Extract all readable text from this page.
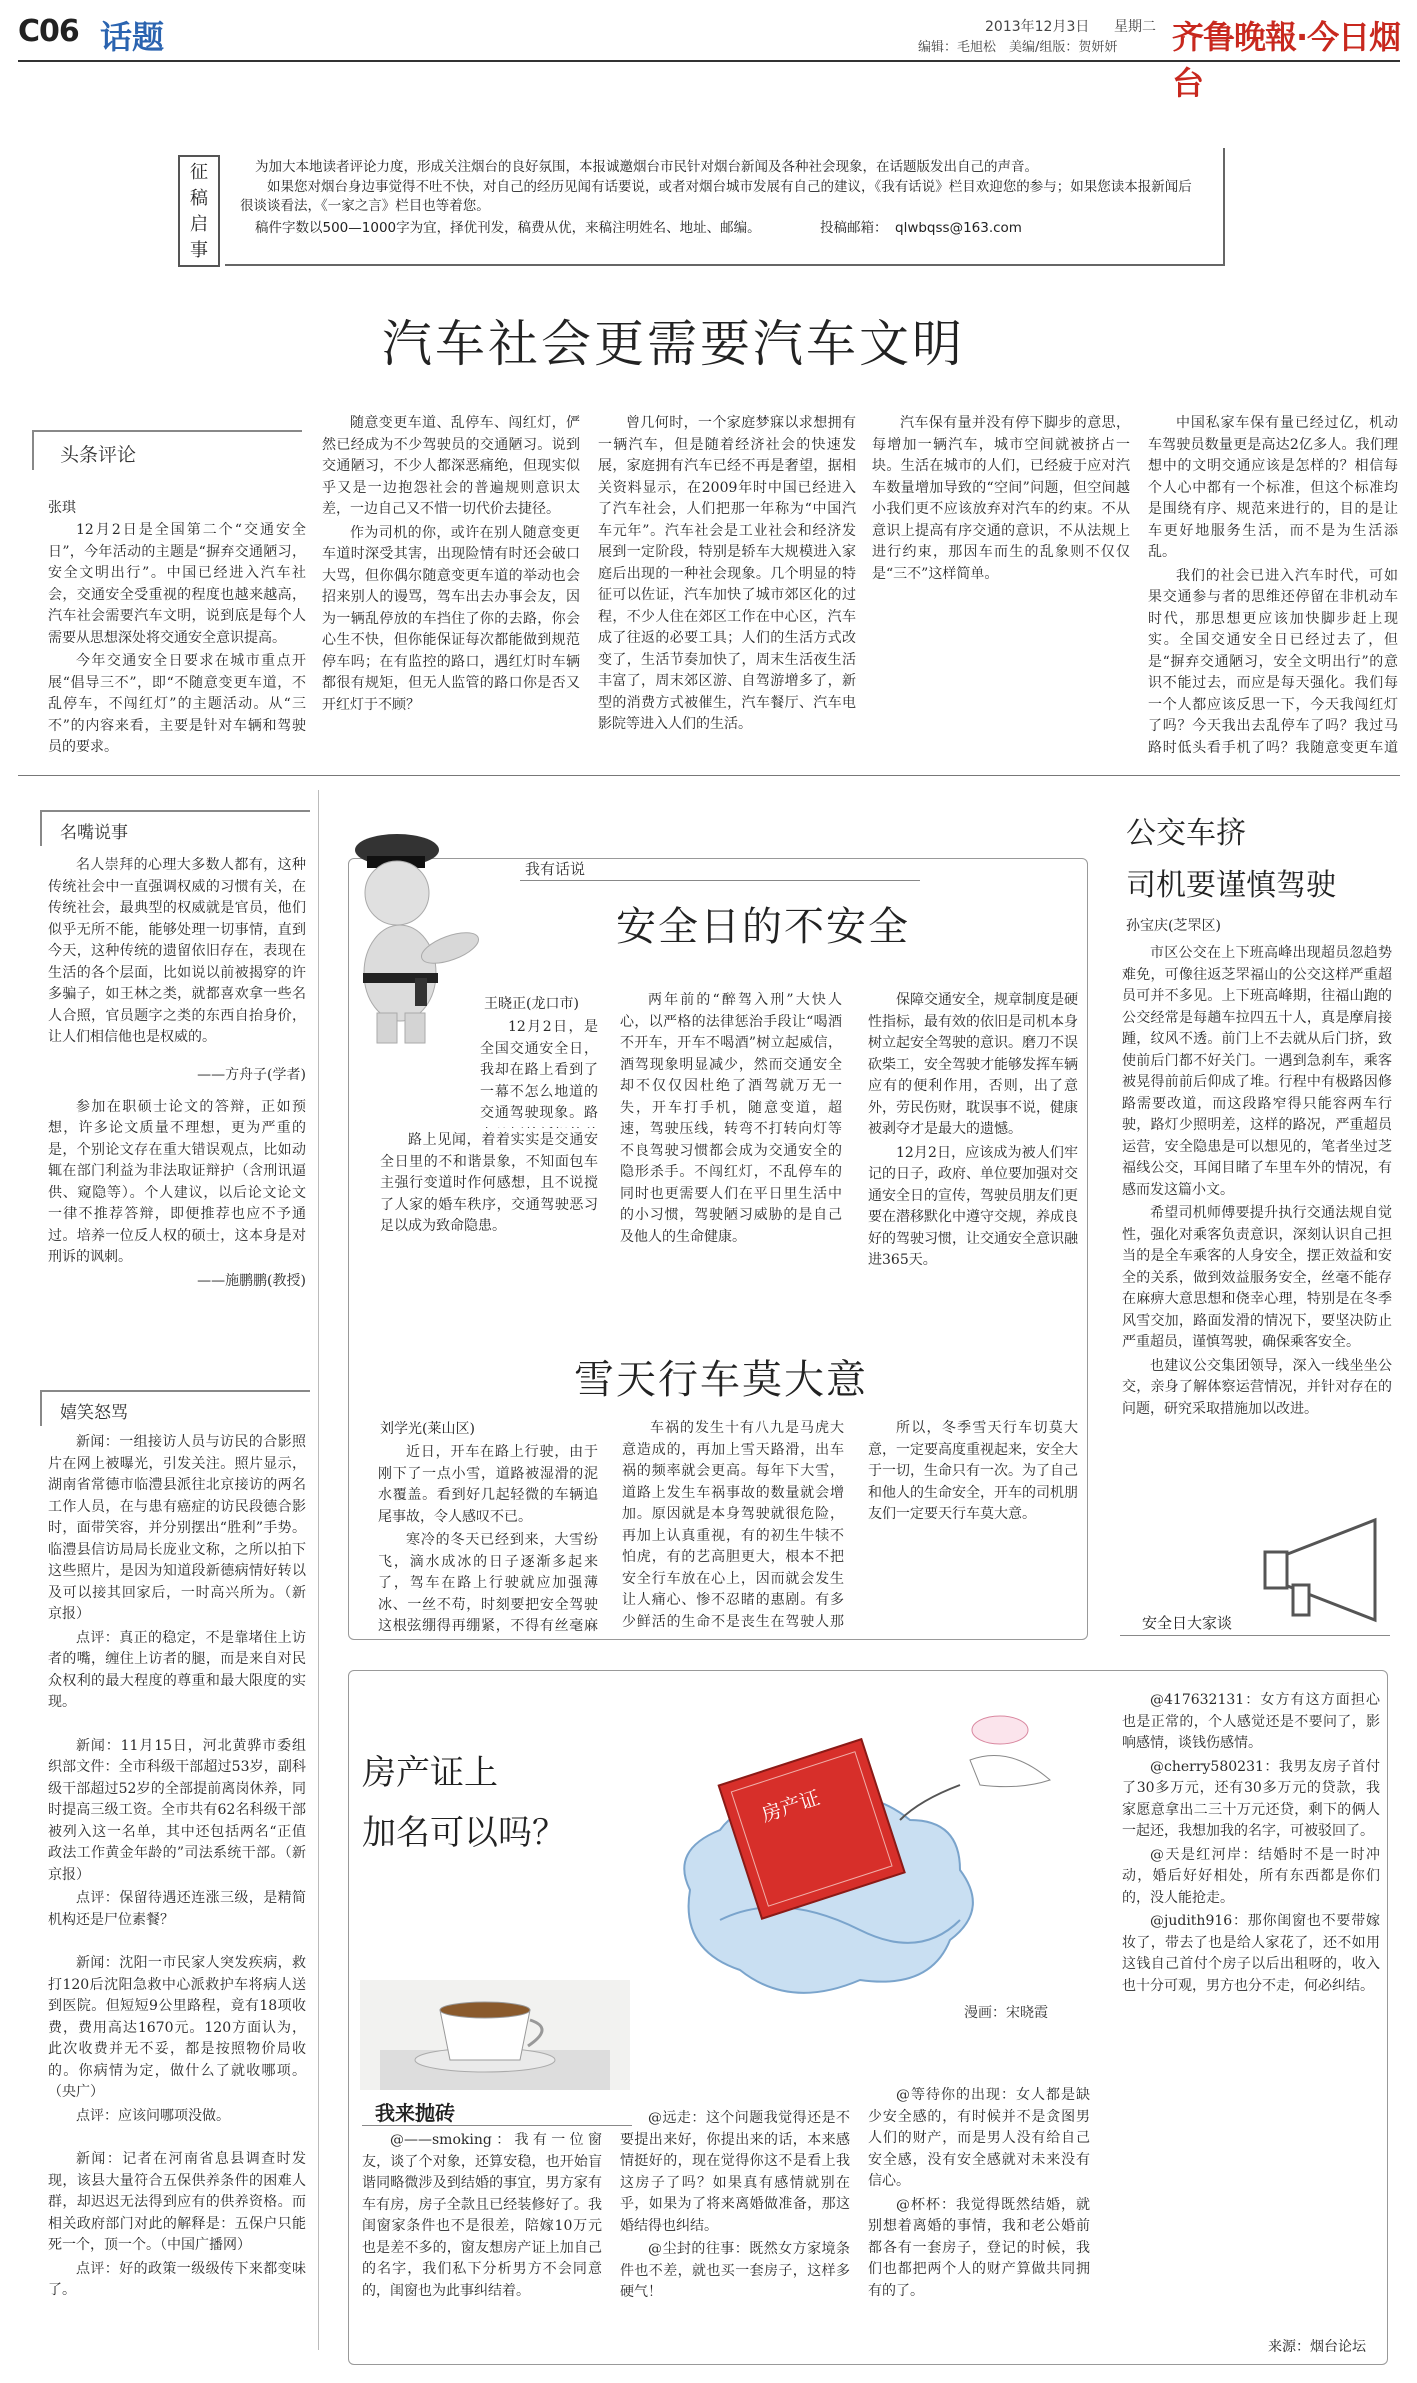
C06 话题	2013年12月3日 星期二
编辑：毛旭松　美编/组版：贺妍妍 齐鲁晚報·今日烟台
征稿启事
为加大本地读者评论力度，形成关注烟台的良好氛围，本报诚邀烟台市民针对烟台新闻及各种社会现象，在话题版发出自己的声音。
如果您对烟台身边事觉得不吐不快，对自己的经历见闻有话要说，或者对烟台城市发展有自己的建议，《我有话说》栏目欢迎您的参与；如果您读本报新闻后很谈谈看法，《一家之言》栏目也等着您。
稿件字数以500—1000字为宜，择优刊发，稿费从优，来稿注明姓名、地址、邮编。	投稿邮箱： qlwbqss@163.com
汽车社会更需要汽车文明
头条评论
张琪

12月2日是全国第二个“交通安全日”，今年活动的主题是“摒弃交通陋习，安全文明出行”。中国已经进入汽车社会，交通安全受重视的程度也越来越高，汽车社会需要汽车文明，说到底是每个人需要从思想深处将交通安全意识提高。

今年交通安全日要求在城市重点开展“倡导三不”，即“不随意变更车道，不乱停车，不闯红灯”的主题活动。从“三不”的内容来看，主要是针对车辆和驾驶员的要求。

随意变更车道、乱停车、闯红灯，俨然已经成为不少驾驶员的交通陋习。说到交通陋习，不少人都深恶痛绝，但现实似乎又是一边抱怨社会的普遍规则意识太差，一边自己又不惜一切代价去捷径。

作为司机的你，或许在别人随意变更车道时深受其害，出现险情有时还会破口大骂，但你偶尔随意变更车道的举动也会招来别人的谩骂，驾车出去办事会友，因为一辆乱停放的车挡住了你的去路，你会心生不快，但你能保证每次都能做到规范停车吗；在有监控的路口，遇红灯时车辆都很有规矩，但无人监管的路口你是否又开红灯于不顾？

曾几何时，一个家庭梦寐以求想拥有一辆汽车，但是随着经济社会的快速发展，家庭拥有汽车已经不再是奢望，据相关资料显示，在2009年时中国已经进入了汽车社会，人们把那一年称为“中国汽车元年”。汽车社会是工业社会和经济发展到一定阶段，特别是轿车大规模进入家庭后出现的一种社会现象。几个明显的特征可以佐证，汽车加快了城市郊区化的过程，不少人住在郊区工作在中心区，汽车成了往返的必要工具；人们的生活方式改变了，生活节奏加快了，周末生活夜生活丰富了，周末郊区游、自驾游增多了，新型的消费方式被催生，汽车餐厅、汽车电影院等进入人们的生活。

汽车保有量并没有停下脚步的意思，每增加一辆汽车，城市空间就被挤占一块。生活在城市的人们，已经疲于应对汽车数量增加导致的“空间”问题，但空间越小我们更不应该放弃对汽车的约束。不从意识上提高有序交通的意识，不从法规上进行约束，那因车而生的乱象则不仅仅是“三不”这样简单。

中国私家车保有量已经过亿，机动车驾驶员数量更是高达2亿多人。我们理想中的文明交通应该是怎样的？相信每个人心中都有一个标准，但这个标准均是围绕有序、规范来进行的，目的是让车更好地服务生活，而不是为生活添乱。

我们的社会已进入汽车时代，可如果交通参与者的思维还停留在非机动车时代，那思想更应该加快脚步赶上现实。全国交通安全日已经过去了，但是“摒弃交通陋习，安全文明出行”的意识不能过去，而应是每天强化。我们每一个人都应该反思一下，今天我闯红灯了吗？今天我出去乱停车了吗？我过马路时低头看手机了吗？我随意变更车道

名嘴说事

名人崇拜的心理大多数人都有，这种传统社会中一直强调权威的习惯有关，在传统社会，最典型的权威就是官员，他们似乎无所不能，能够处理一切事情，直到今天，这种传统的遗留依旧存在，表现在生活的各个层面，比如说以前被揭穿的许多骗子，如王林之类，就都喜欢拿一些名人合照，官员题字之类的东西自抬身价，让人们相信他也是权威的。

——方舟子(学者)

参加在职硕士论文的答辩，正如预想，许多论文质量不理想，更为严重的是，个别论文存在重大错误观点，比如动辄在部门利益为非法取证辩护（含刑讯逼供、窥隐等）。个人建议，以后论文论文一律不推荐答辩，即便推荐也应不予通过。培养一位反人权的硕士，这本身是对刑诉的讽刺。

——施鹏鹏(教授)

嬉笑怒骂

新闻：一组接访人员与访民的合影照片在网上被曝光，引发关注。照片显示，湖南省常德市临澧县派往北京接访的两名工作人员，在与患有癌症的访民段德合影时，面带笑容，并分别摆出“胜利”手势。临澧县信访局局长庞业文称，之所以拍下这些照片，是因为知道段新德病情好转以及可以接其回家后，一时高兴所为。（新京报）

点评：真正的稳定，不是靠堵住上访者的嘴，缠住上访者的腿，而是来自对民众权利的最大程度的尊重和最大限度的实现。

新闻：11月15日，河北黄骅市委组织部文件：全市科级干部超过53岁，副科级干部超过52岁的全部提前离岗休养，同时提高三级工资。全市共有62名科级干部被列入这一名单，其中还包括两名“正值政法工作黄金年龄的”司法系统干部。（新京报）

点评：保留待遇还连涨三级，是精简机构还是尸位素餐？

新闻：沈阳一市民家人突发疾病，救打120后沈阳急救中心派救护车将病人送到医院。但短短9公里路程，竟有18项收费，费用高达1670元。120方面认为，此次收费并无不妥，都是按照物价局收的。你病情为定，做什么了就收哪项。（央广）

点评：应该问哪项没做。

新闻：记者在河南省息县调查时发现，该县大量符合五保供养条件的困难人群，却迟迟无法得到应有的供养资格。而相关政府部门对此的解释是：五保户只能死一个，顶一个。（中国广播网）

点评：好的政策一级级传下来都变味了。

我有话说
安全日的不安全
王晓正(龙口市)

12月2日，是全国交通安全日，我却在路上看到了一幕不怎么地道的交通驾驶现象。路

路上见闻，着着实实是交通安全日里的不和谐景象，不知面包车主强行变道时作何感想，且不说搅了人家的婚车秩序，交通驾驶恶习足以成为致命隐患。

两年前的“醉驾入刑”大快人心，以严格的法律惩治手段让“喝酒不开车，开车不喝酒”树立起威信，酒驾现象明显减少，然而交通安全却不仅仅因杜绝了酒驾就万无一失，开车打手机，随意变道，超速，驾驶压线，转弯不打转向灯等不良驾驶习惯都会成为交通安全的隐形杀手。不闯红灯，不乱停车的同时也更需要人们在平日里生活中的小习惯，驾驶陋习威胁的是自己及他人的生命健康。

保障交通安全，规章制度是硬性指标，最有效的依旧是司机本身树立起安全驾驶的意识。磨刀不误砍柴工，安全驾驶才能够发挥车辆应有的便利作用，否则，出了意外，劳民伤财，耽误事不说，健康被剥夺才是最大的遗憾。

12月2日，应该成为被人们牢记的日子，政府、单位要加强对交通安全日的宣传，驾驶员朋友们更要在潜移默化中遵守交规，养成良好的驾驶习惯，让交通安全意识融进365天。

雪天行车莫大意
刘学光(莱山区)

近日，开车在路上行驶，由于刚下了一点小雪，道路被湿滑的泥水覆盖。看到好几起轻微的车辆追尾事故，令人感叹不已。

寒冷的冬天已经到来，大雪纷飞，滴水成冰的日子逐渐多起来了，驾车在路上行驶就应加强薄冰、一丝不苟，时刻要把安全驾驶这根弦绷得再绷紧，不得有丝毫麻

车祸的发生十有八九是马虎大意造成的，再加上雪天路滑，出车祸的频率就会更高。每年下大雪，道路上发生车祸事故的数量就会增加。原因就是本身驾驶就很危险，再加上认真重视，有的初生牛犊不怕虎，有的艺高胆更大，根本不把安全行车放在心上，因而就会发生让人痛心、惨不忍睹的惠剧。有多少鲜活的生命不是丧生在驾驶人那

所以，冬季雪天行车切莫大意，一定要高度重视起来，安全大于一切，生命只有一次。为了自己和他人的生命安全，开车的司机朋友们一定要天行车莫大意。

公交车挤
司机要谨慎驾驶
孙宝庆(芝罘区)

市区公交在上下班高峰出现超员忽趋势难免，可像往返芝罘福山的公交这样严重超员可并不多见。上下班高峰期，往福山跑的公交经常是每趟车拉四五十人，真是摩肩接踵，纹风不透。前门上不去就从后门挤，致使前后门都不好关门。一遇到急刹车，乘客被晃得前前后仰成了堆。行程中有极路因修路需要改道，而这段路窄得只能容两车行驶，路灯少照明差，这样的路况，严重超员运营，安全隐患是可以想见的，笔者坐过芝福线公交，耳闻目睹了车里车外的情况，有感而发这篇小文。

希望司机师傅要提升执行交通法规自觉性，强化对乘客负责意识，深刻认识自己担当的是全车乘客的人身安全，摆正效益和安全的关系，做到效益服务安全，丝毫不能存在麻痹大意思想和侥幸心理，特别是在冬季风雪交加，路面发滑的情况下，要坚决防止严重超员，谨慎驾驶，确保乘客安全。

也建议公交集团领导，深入一线坐坐公交，亲身了解体察运营情况，并针对存在的问题，研究采取措施加以改进。

安全日大家谈
房产证上
加名可以吗？
房产证
漫画：宋晓霞
我来抛砖

@——smoking：我有一位窗友，谈了个对象，还算安稳，也开始盲谐同略微涉及到结婚的事宜，男方家有车有房，房子全款且已经装修好了。我闺窗家条件也不是很差，陪嫁10万元也是差不多的，窗友想房产证上加自己的名字，我们私下分析男方不会同意的，闺窗也为此事纠结着。

@远走：这个问题我觉得还是不要提出来好，你提出来的话，本来感情挺好的，现在觉得你这不是看上我这房子了吗？如果真有感情就别在乎，如果为了将来离婚做准备，那这婚结得也纠结。

@尘封的往事：既然女方家境条件也不差，就也买一套房子，这样多硬气！

@等待你的出现：女人都是缺少安全感的，有时候并不是贪图男人们的财产，而是男人没有给自己安全感，没有安全感就对未来没有信心。

@杯杯：我觉得既然结婚，就别想着离婚的事情，我和老公婚前都各有一套房子，登记的时候，我们也都把两个人的财产算做共同拥有的了。

@417632131：女方有这方面担心也是正常的，个人感觉还是不要问了，影响感情，谈钱伤感情。

@cherry580231：我男友房子首付了30多万元，还有30多万元的贷款，我家愿意拿出二三十万元还贷，剩下的俩人一起还，我想加我的名字，可被驳回了。

@天是红河岸：结婚时不是一时冲动，婚后好好相处，所有东西都是你们的，没人能抢走。

@judith916：那你闺窗也不要带嫁妆了，带去了也是给人家花了，还不如用这钱自己首付个房子以后出租呀的，收入也十分可观，男方也分不走，何必纠结。

来源：烟台论坛
